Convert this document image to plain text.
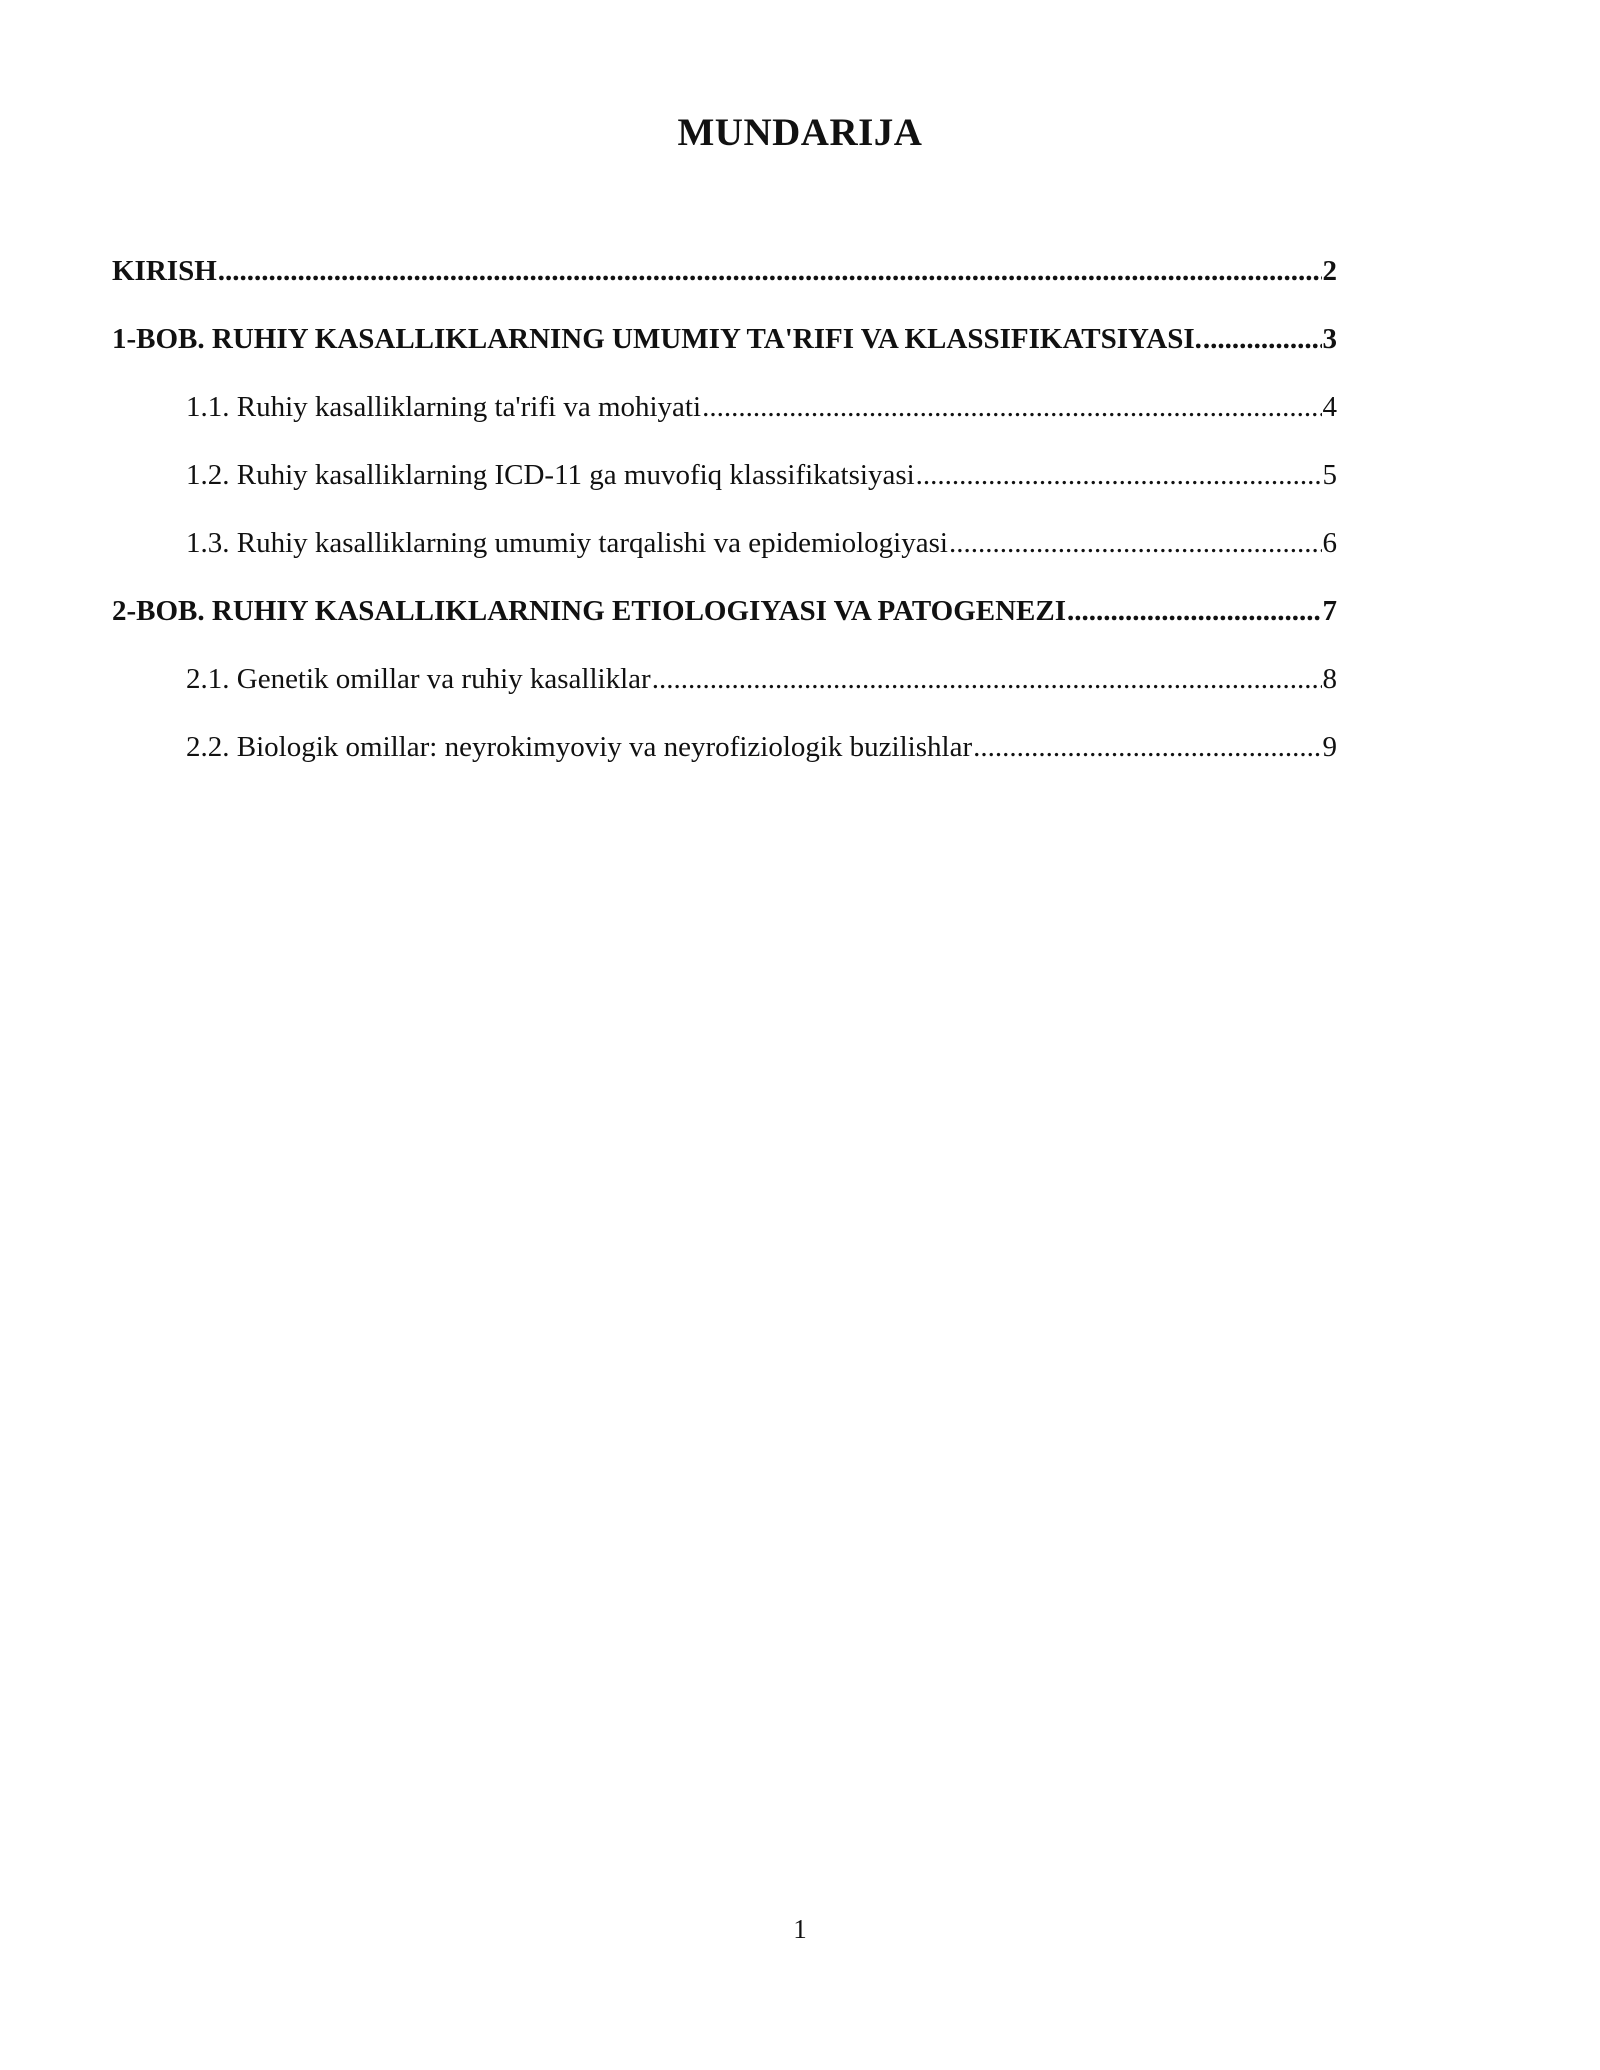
MUNDARIJA
KIRISH .....	2
1-BOB. RUHIY KASALLIKLARNING UMUMIY TA'RIFI VA KLASSIFIKATSIYASI. .....	3
1.1. Ruhiy kasalliklarning ta'rifi va mohiyati .....	4
1.2. Ruhiy kasalliklarning ICD-11 ga muvofiq klassifikatsiyasi .....	5
1.3. Ruhiy kasalliklarning umumiy tarqalishi va epidemiologiyasi .....	6
2-BOB. RUHIY KASALLIKLARNING ETIOLOGIYASI VA PATOGENEZI .....	7
2.1. Genetik omillar va ruhiy kasalliklar .....	8
2.2. Biologik omillar: neyrokimyoviy va neyrofiziologik buzilishlar .....	9
1
